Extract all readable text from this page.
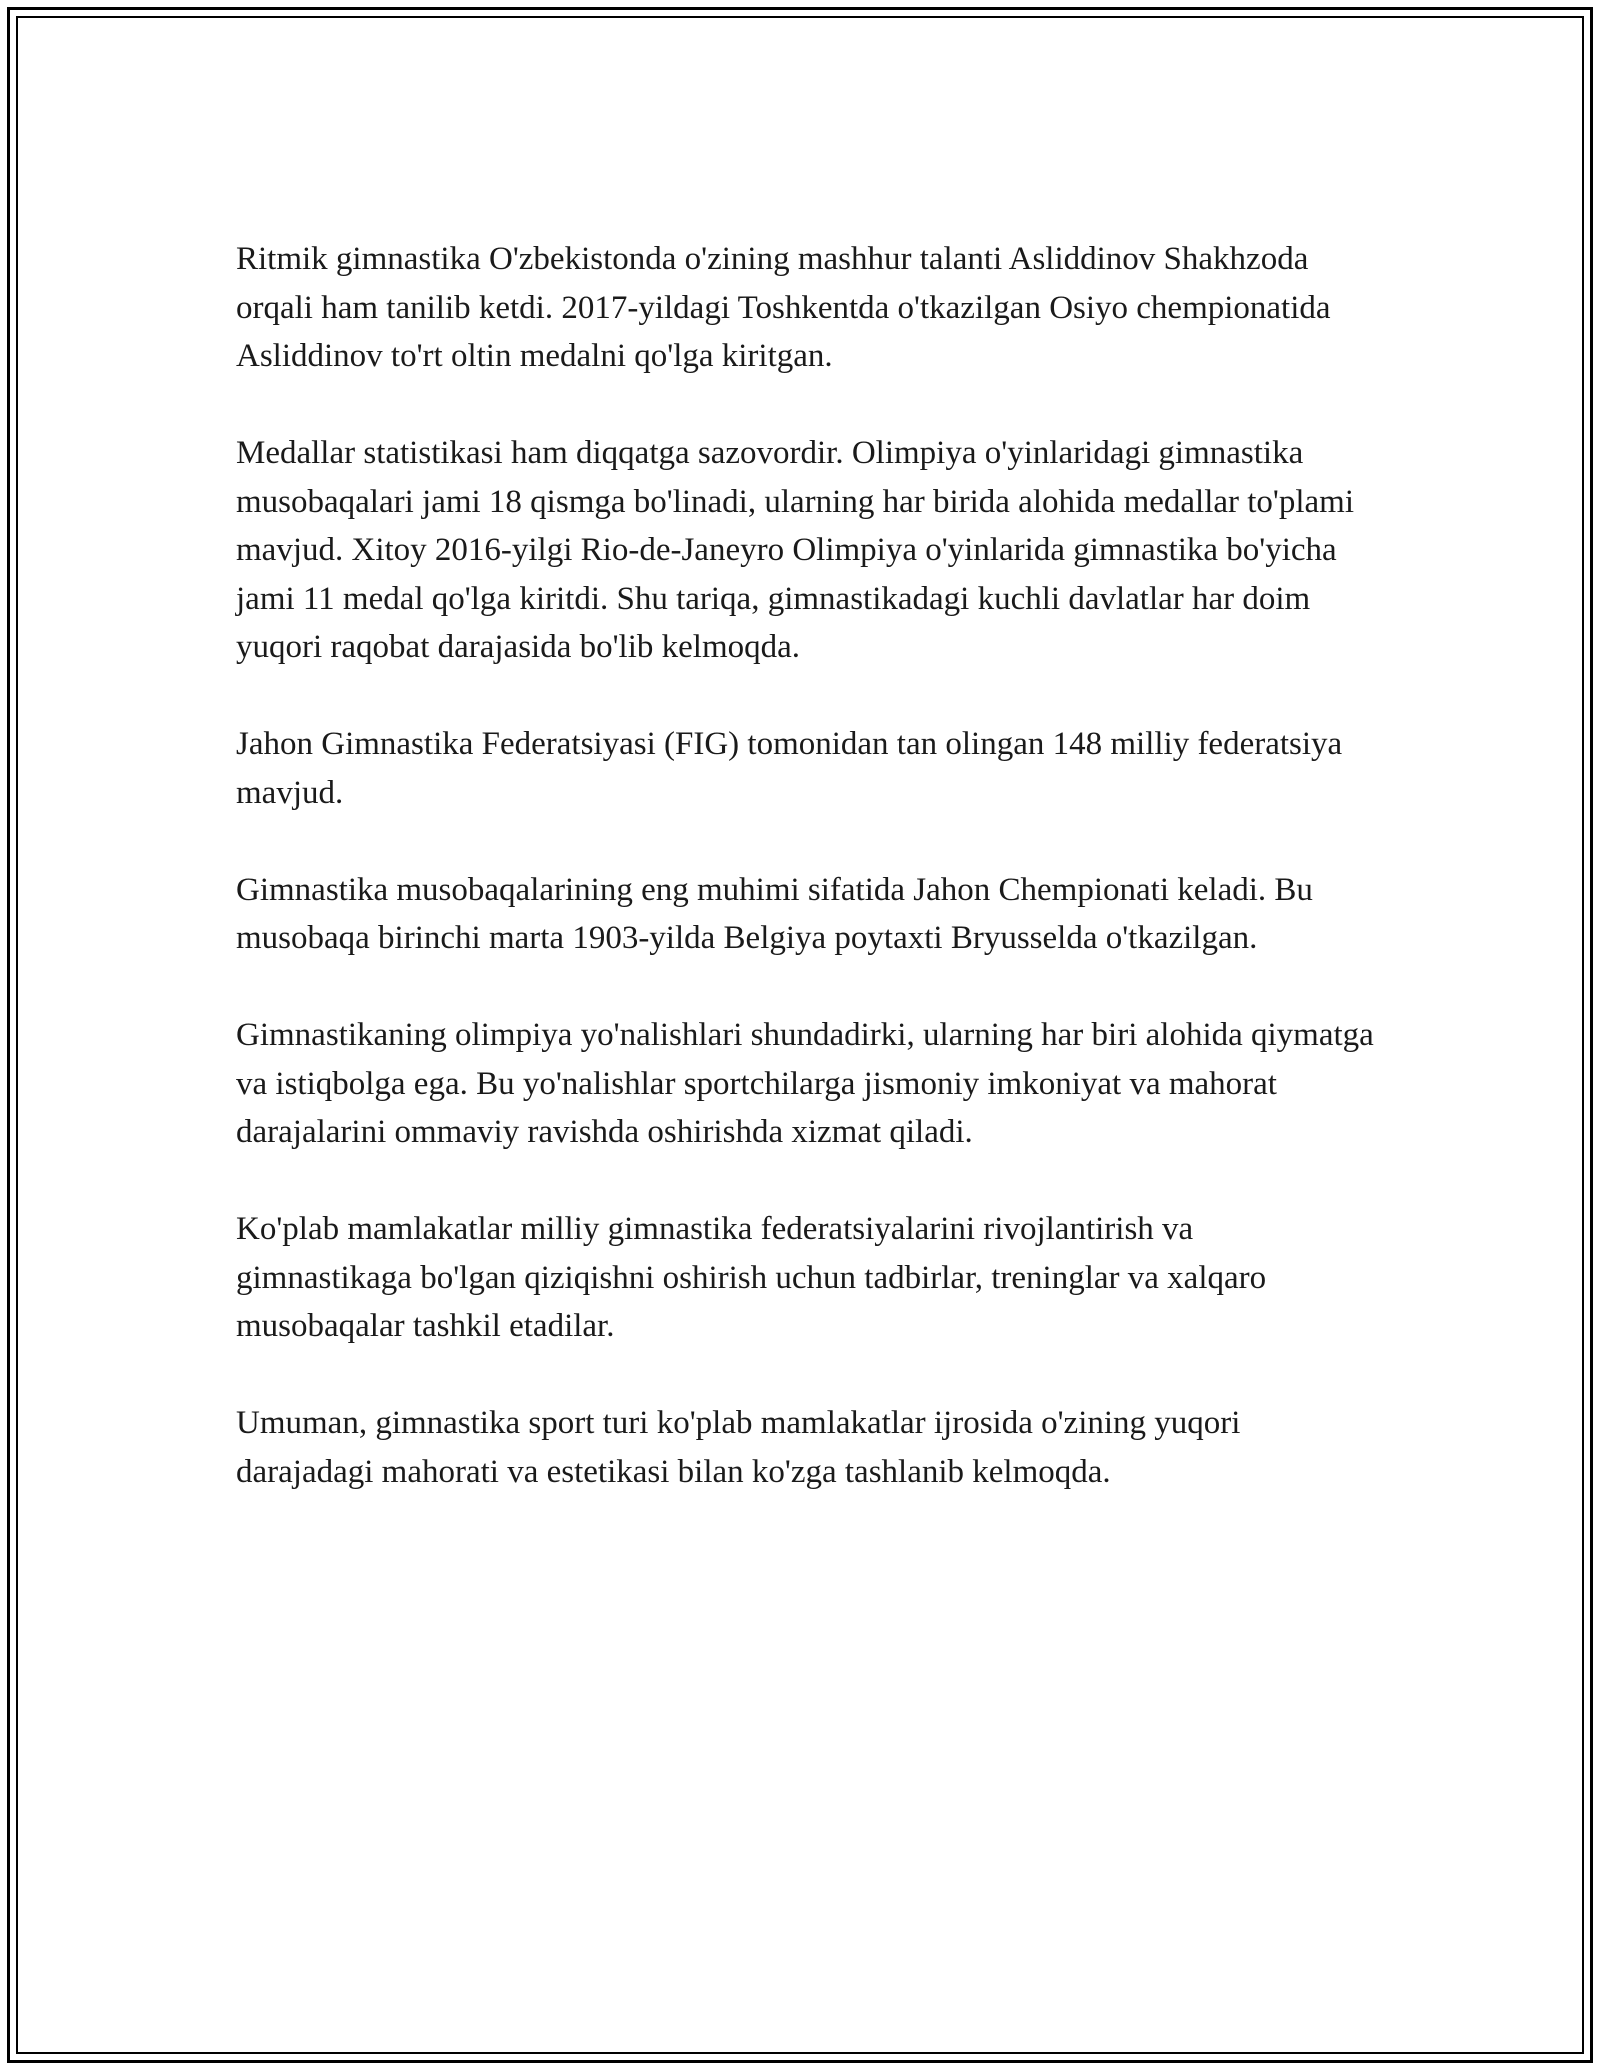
Ritmik gimnastika O'zbekistonda o'zining mashhur talanti Asliddinov Shakhzoda orqali ham tanilib ketdi. 2017-yildagi Toshkentda o'tkazilgan Osiyo chempionatida Asliddinov to'rt oltin medalni qo'lga kiritgan.

Medallar statistikasi ham diqqatga sazovordir. Olimpiya o'yinlaridagi gimnastika musobaqalari jami 18 qismga bo'linadi, ularning har birida alohida medallar to'plami mavjud. Xitoy 2016-yilgi Rio-de-Janeyro Olimpiya o'yinlarida gimnastika bo'yicha jami 11 medal qo'lga kiritdi. Shu tariqa, gimnastikadagi kuchli davlatlar har doim yuqori raqobat darajasida bo'lib kelmoqda.

Jahon Gimnastika Federatsiyasi (FIG) tomonidan tan olingan 148 milliy federatsiya mavjud.

Gimnastika musobaqalarining eng muhimi sifatida Jahon Chempionati keladi. Bu musobaqa birinchi marta 1903-yilda Belgiya poytaxti Bryusselda o'tkazilgan.

Gimnastikaning olimpiya yo'nalishlari shundadirki, ularning har biri alohida qiymatga va istiqbolga ega. Bu yo'nalishlar sportchilarga jismoniy imkoniyat va mahorat darajalarini ommaviy ravishda oshirishda xizmat qiladi.

Ko'plab mamlakatlar milliy gimnastika federatsiyalarini rivojlantirish va gimnastikaga bo'lgan qiziqishni oshirish uchun tadbirlar, treninglar va xalqaro musobaqalar tashkil etadilar.

Umuman, gimnastika sport turi ko'plab mamlakatlar ijrosida o'zining yuqori darajadagi mahorati va estetikasi bilan ko'zga tashlanib kelmoqda.
